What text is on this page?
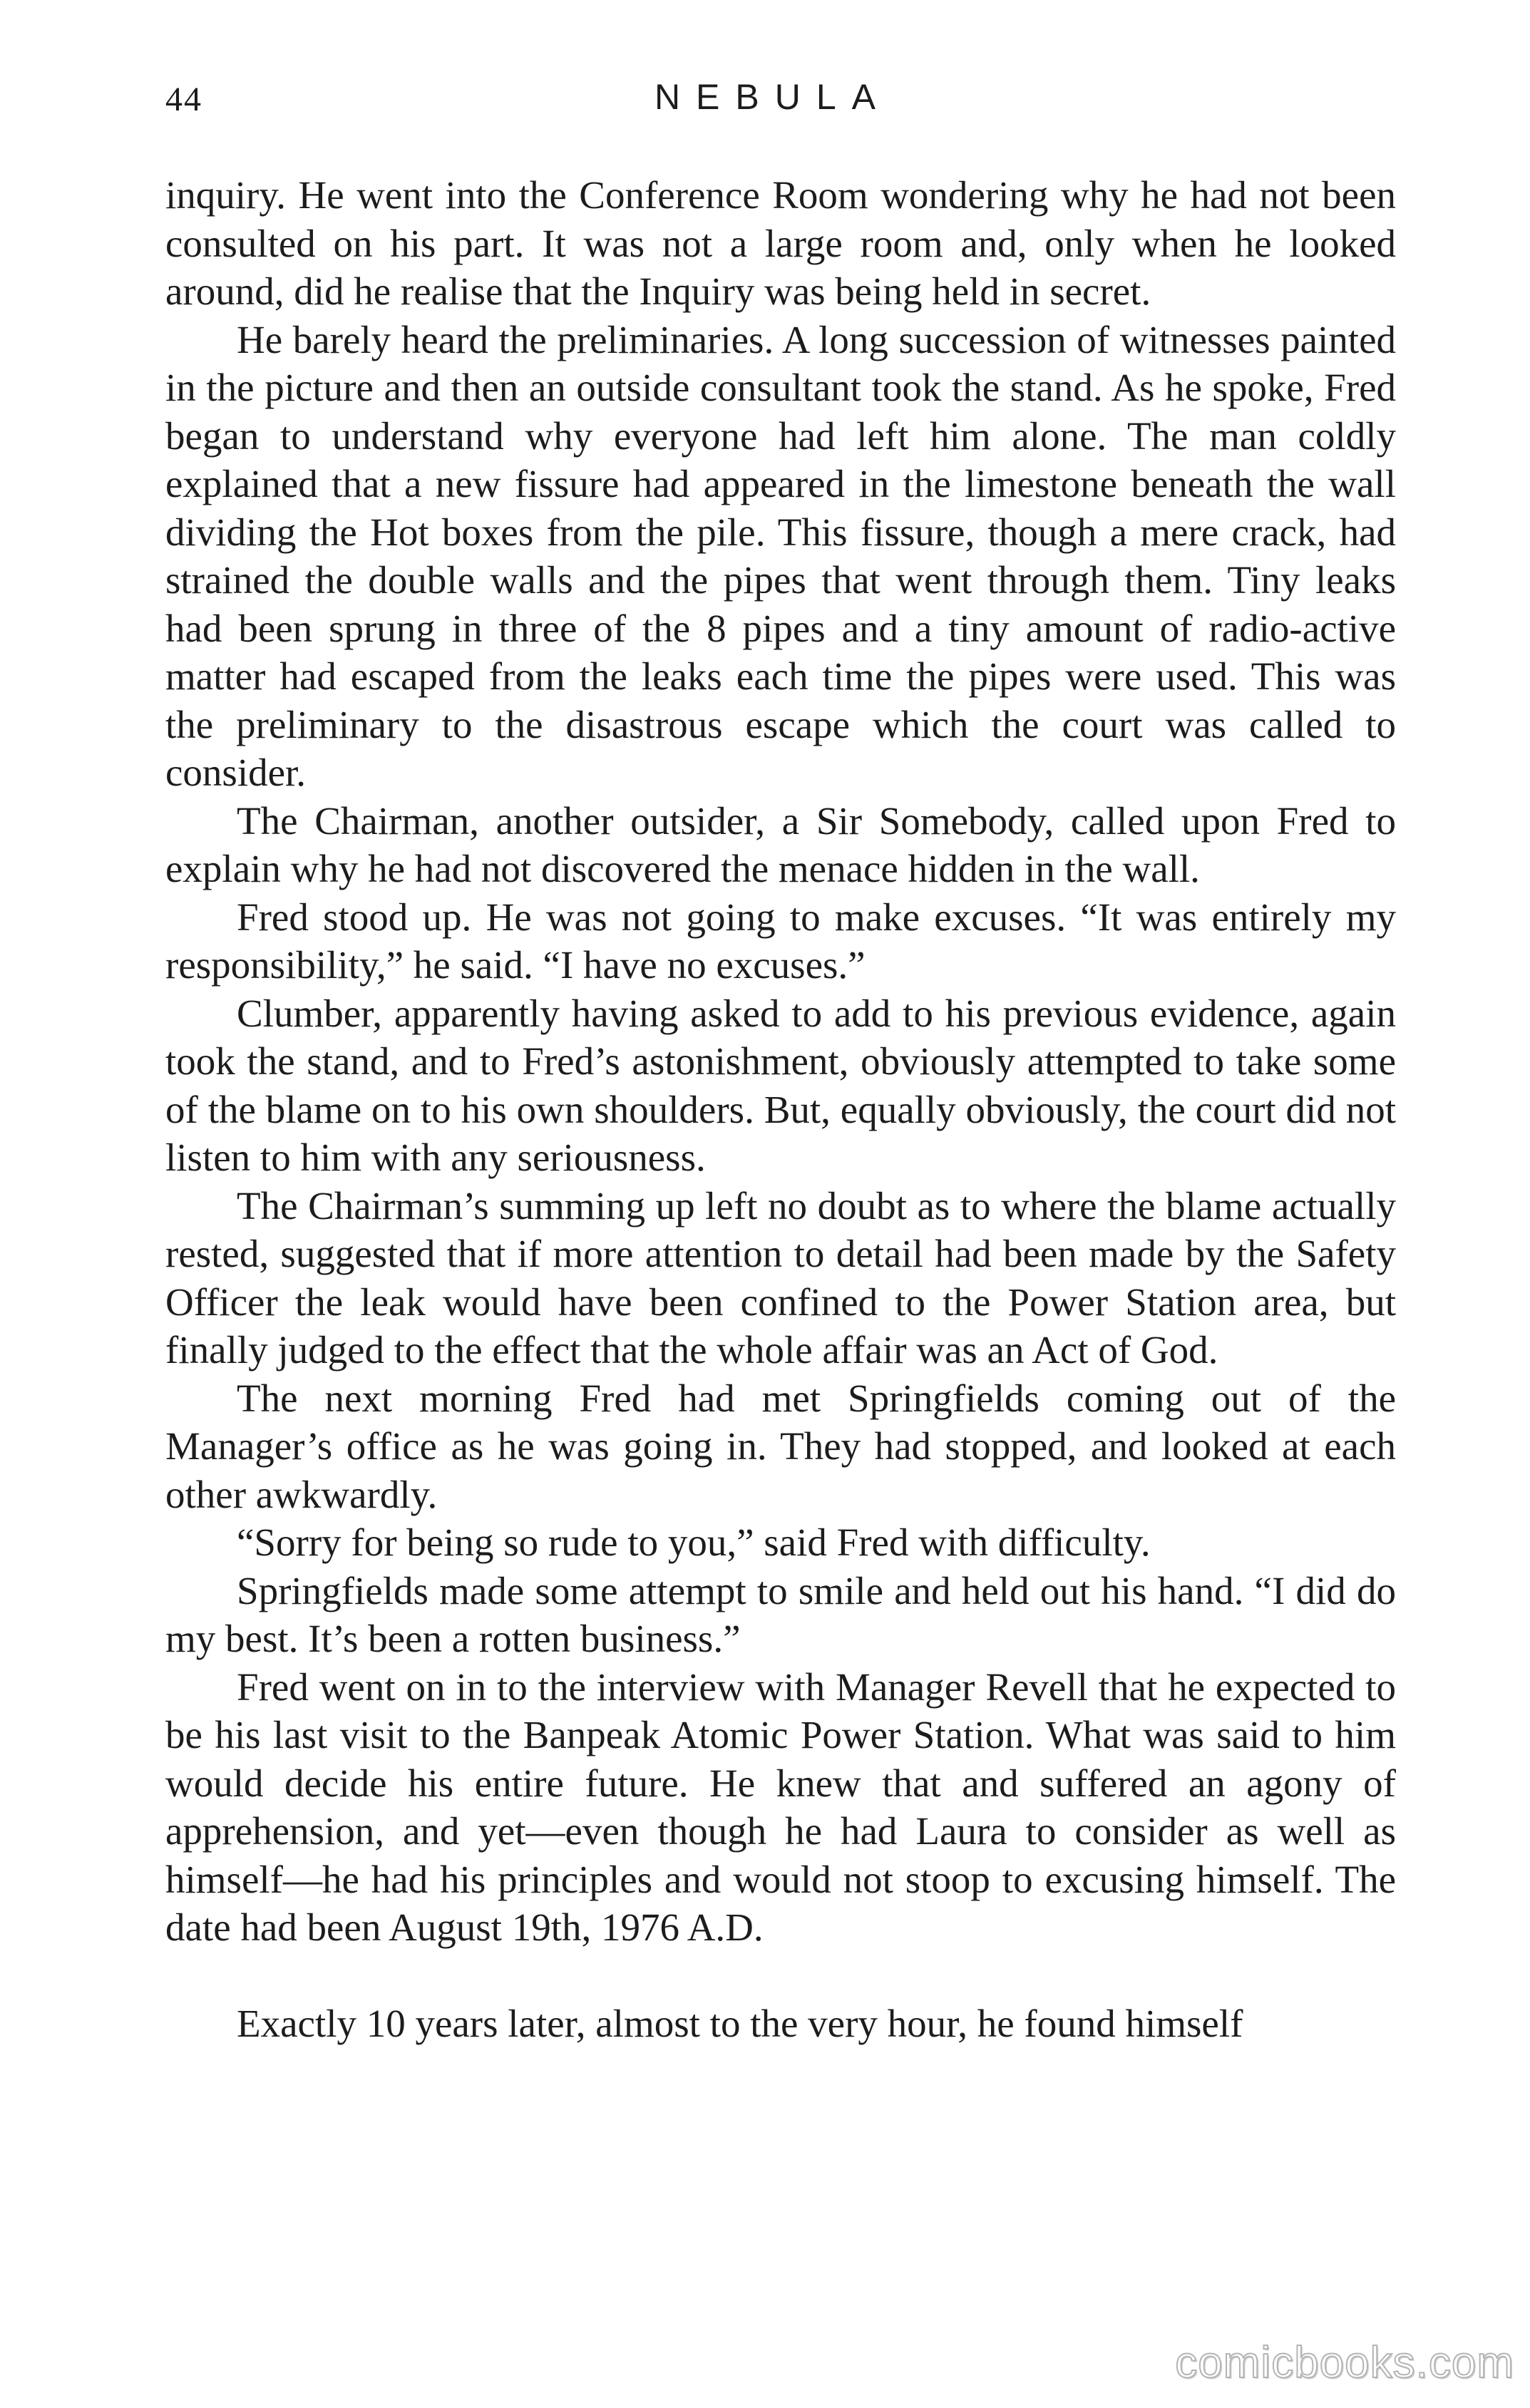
44	NEBULA

inquiry. He went into the Conference Room wondering why he had not been consulted on his part. It was not a large room and, only when he looked around, did he realise that the Inquiry was being held in secret.

He barely heard the preliminaries. A long succession of witnesses painted in the picture and then an outside consultant took the stand. As he spoke, Fred began to understand why everyone had left him alone. The man coldly explained that a new fissure had appeared in the limestone beneath the wall dividing the Hot boxes from the pile. This fissure, though a mere crack, had strained the double walls and the pipes that went through them. Tiny leaks had been sprung in three of the 8 pipes and a tiny amount of radio-active matter had escaped from the leaks each time the pipes were used. This was the preliminary to the disastrous escape which the court was called to consider.

The Chairman, another outsider, a Sir Somebody, called upon Fred to explain why he had not discovered the menace hidden in the wall.

Fred stood up. He was not going to make excuses. “It was entirely my responsibility,” he said. “I have no excuses.”

Clumber, apparently having asked to add to his previous evidence, again took the stand, and to Fred’s astonishment, obviously attempted to take some of the blame on to his own shoulders. But, equally obviously, the court did not listen to him with any seriousness.

The Chairman’s summing up left no doubt as to where the blame actually rested, suggested that if more attention to detail had been made by the Safety Officer the leak would have been confined to the Power Station area, but finally judged to the effect that the whole affair was an Act of God.

The next morning Fred had met Springfields coming out of the Manager’s office as he was going in. They had stopped, and looked at each other awkwardly.

“Sorry for being so rude to you,” said Fred with difficulty.

Springfields made some attempt to smile and held out his hand. “I did do my best. It’s been a rotten business.”

Fred went on in to the interview with Manager Revell that he expected to be his last visit to the Banpeak Atomic Power Station. What was said to him would decide his entire future. He knew that and suffered an agony of apprehension, and yet—even though he had Laura to consider as well as himself—he had his principles and would not stoop to excusing himself. The date had been August 19th, 1976 A.D.

Exactly 10 years later, almost to the very hour, he found himself

comicbooks.com
